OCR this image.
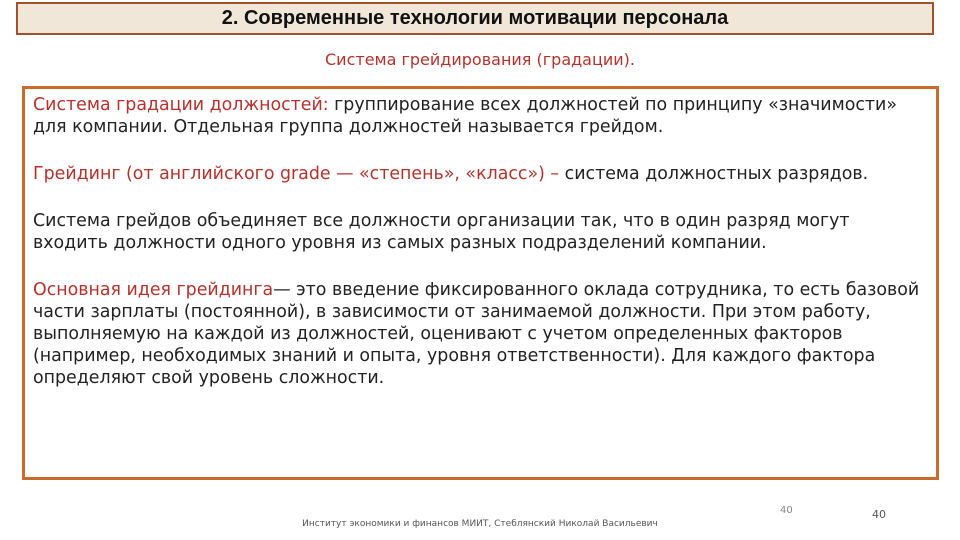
2. Современные технологии мотивации персонала
Система грейдирования (градации).

Система градации должностей: группирование всех должностей по принципу «значимости» для компании. Отдельная группа должностей называется грейдом.

Грейдинг (от английского grade — «степень», «класс») – система должностных разрядов.

Система грейдов объединяет все должности организации так, что в один разряд могут входить должности одного уровня из самых разных подразделений компании.

Основная идея грейдинга— это введение фиксированного оклада сотрудника, то есть базовой части зарплаты (постоянной), в зависимости от занимаемой должности. При этом работу, выполняемую на каждой из должностей, оценивают с учетом определенных факторов (например, необходимых знаний и опыта, уровня ответственности). Для каждого фактора определяют свой уровень сложности.

40	40
Институт экономики и финансов МИИТ, Стеблянский Николай Васильевич
